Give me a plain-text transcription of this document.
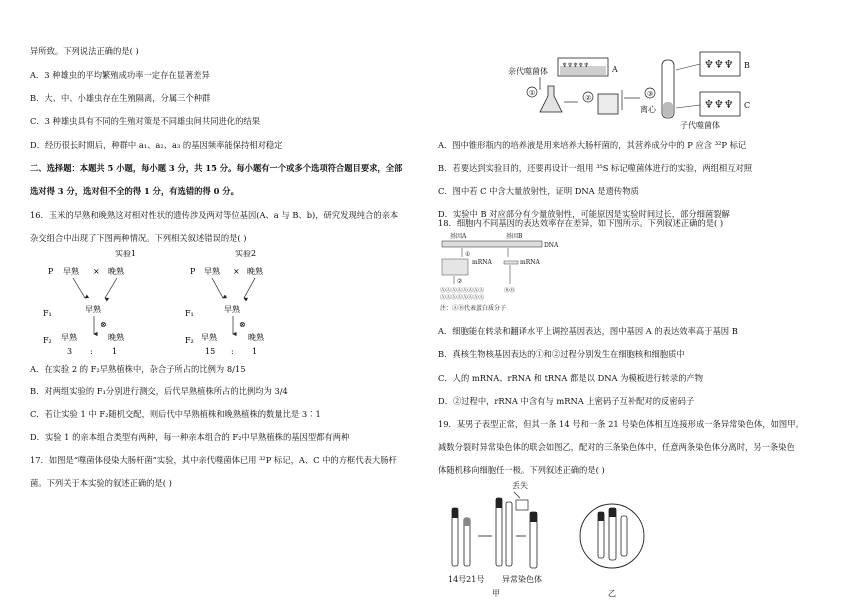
异所致。下列说法正确的是( )
A．3 种雄虫的平均繁殖成功率一定存在显著差异
B．大、中、小雄虫存在生殖隔离，分属三个种群
C．3 种雄虫具有不同的生殖对策是不同雄虫间共同进化的结果
D．经历很长时期后，种群中 a₁、a₂、a₃ 的基因频率能保持相对稳定
二、选择题：本题共 5 小题，每小题 3 分，共 15 分。每小题有一个或多个选项符合题目要求，全部
选对得 3 分，选对但不全的得 1 分，有选错的得 0 分。
16．玉米的早熟和晚熟这对相对性状的遗传涉及两对等位基因(A、a 与 B、b)，研究发现纯合的亲本
杂交组合中出现了下图两种情况。下列相关叙述错误的是( )
A．在实验 2 的 F₂早熟植株中，杂合子所占的比例为 8/15
B．对两组实验的 F₁分别进行测交，后代早熟植株所占的比例均为 3/4
C．若让实验 1 中 F₂随机交配，则后代中早熟植株和晚熟植株的数量比是 3∶1
D．实验 1 的亲本组合类型有两种，每一种亲本组合的 F₂中早熟植株的基因型都有两种
17．如图是“噬菌体侵染大肠杆菌”实验，其中亲代噬菌体已用 ³²P 标记，A、C 中的方框代表大肠杆
菌。下列关于本实验的叙述正确的是( )
实验1
P 早熟 × 晚熟
F₁	早熟
⊗
F₂ 早熟	晚熟
实验2
P 早熟 × 晚熟
F₁	早熟
⊗
F₂ 早熟	晚熟
3 : 1	15 : 1
A．图中锥形瓶内的培养液是用来培养大肠杆菌的，其营养成分中的 P 应含 ³²P 标记
B．若要达到实验目的，还要再设计一组用 ³⁵S 标记噬菌体进行的实验，两组相互对照
C．图中若 C 中含大量放射性，证明 DNA 是遗传物质
D．实验中 B 对应部分有少量放射性，可能原因是实验时间过长，部分细菌裂解
18．细胞内不同基因的表达效率存在差异，如下图所示。下列叙述正确的是( )
A．细胞能在转录和翻译水平上调控基因表达，图中基因 A 的表达效率高于基因 B
B．真核生物核基因表达的①和②过程分别发生在细胞核和细胞质中
C．人的 mRNA、rRNA 和 tRNA 都是以 DNA 为模板进行转录的产物
D．②过程中，rRNA 中含有与 mRNA 上密码子互补配对的反密码子
19．某男子表型正常，但其一条 14 号和一条 21 号染色体相互连接形成一条异常染色体，如图甲。
减数分裂时异常染色体的联会如图乙，配对的三条染色体中，任意两条染色体分离时，另一条染色
体随机移向细胞任一极。下列叙述正确的是( )
亲代噬菌体
♆♆♆♆♆	A
①
②	③
离心
♆♆♆ B
♆♆♆ C
子代噬菌体
基因A	基因B
DNA
①
mRNA	mRNA
②
ⒶⒶⒶⒶⒶⒶⒶⒶ
ⒶⒶⒶⒶⒶⒶⒶⒶ
ⒷⒷ
注：ⒶⒷ代表蛋白质分子
丢失
14号21号 异常染色体
甲	乙
